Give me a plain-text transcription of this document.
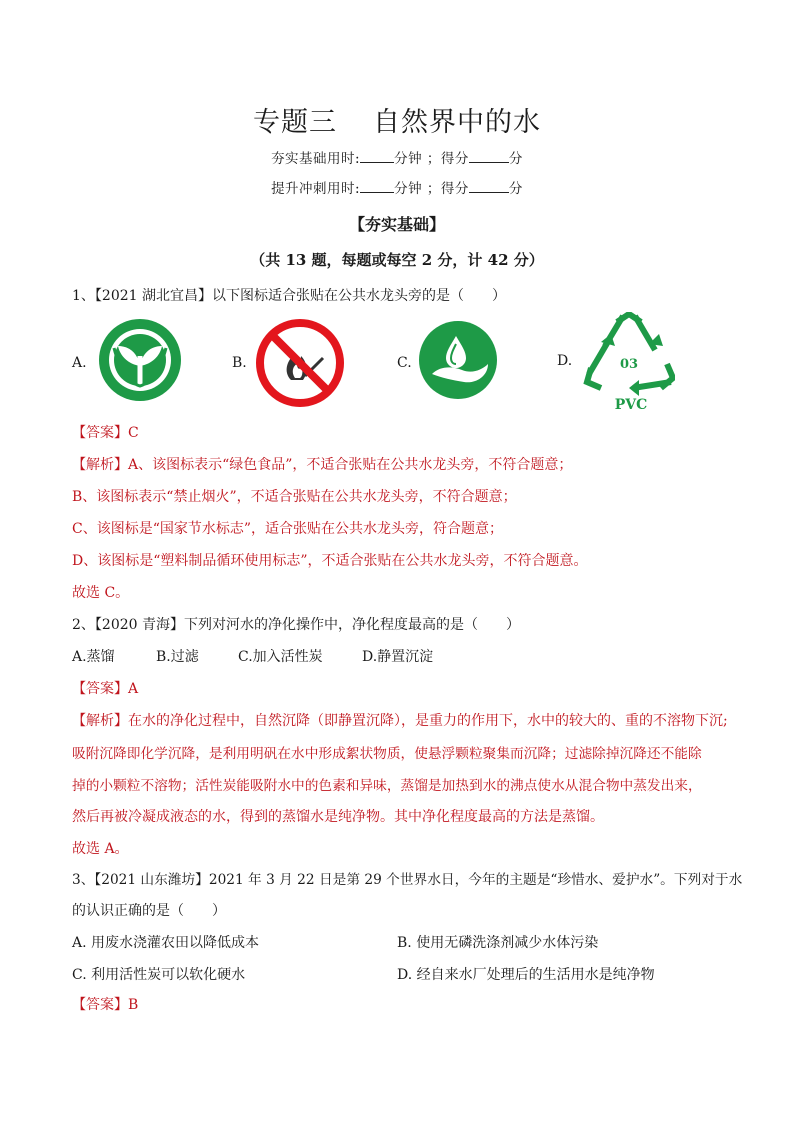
专题三 自然界中的水
夯实基础用时:	分钟 ；得分	分
提升冲刺用时:	分钟 ；得分	分
【夯实基础】
（共 13 题，每题或每空 2 分，计 42 分）
1、【2021 湖北宜昌】以下图标适合张贴在公共水龙头旁的是（　　）
A.	B.	C.	D.	03
PVC
【答案】C
【解析】A、该图标表示“绿色食品”，不适合张贴在公共水龙头旁，不符合题意；
B、该图标表示“禁止烟火”，不适合张贴在公共水龙头旁，不符合题意；
C、该图标是“国家节水标志”，适合张贴在公共水龙头旁，符合题意；
D、该图标是“塑料制品循环使用标志”，不适合张贴在公共水龙头旁，不符合题意。
故选 C。
2、【2020 青海】下列对河水的净化操作中，净化程度最高的是（　　）
A.蒸馏	B.过滤	C.加入活性炭	D.静置沉淀
【答案】A
【解析】在水的净化过程中，自然沉降（即静置沉降），是重力的作用下，水中的较大的、重的不溶物下沉;
吸附沉降即化学沉降，是利用明矾在水中形成絮状物质，使悬浮颗粒聚集而沉降；过滤除掉沉降还不能除
掉的小颗粒不溶物；活性炭能吸附水中的色素和异味，蒸馏是加热到水的沸点使水从混合物中蒸发出来，
然后再被冷凝成液态的水，得到的蒸馏水是纯净物。其中净化程度最高的方法是蒸馏。
故选 A。
3、【2021 山东潍坊】2021 年 3 月 22 日是第 29 个世界水日，今年的主题是“珍惜水、爱护水”。下列对于水
的认识正确的是（　　）
A. 用废水浇灌农田以降低成本	B. 使用无磷洗涤剂减少水体污染
C. 利用活性炭可以软化硬水	D. 经自来水厂处理后的生活用水是纯净物
【答案】B
